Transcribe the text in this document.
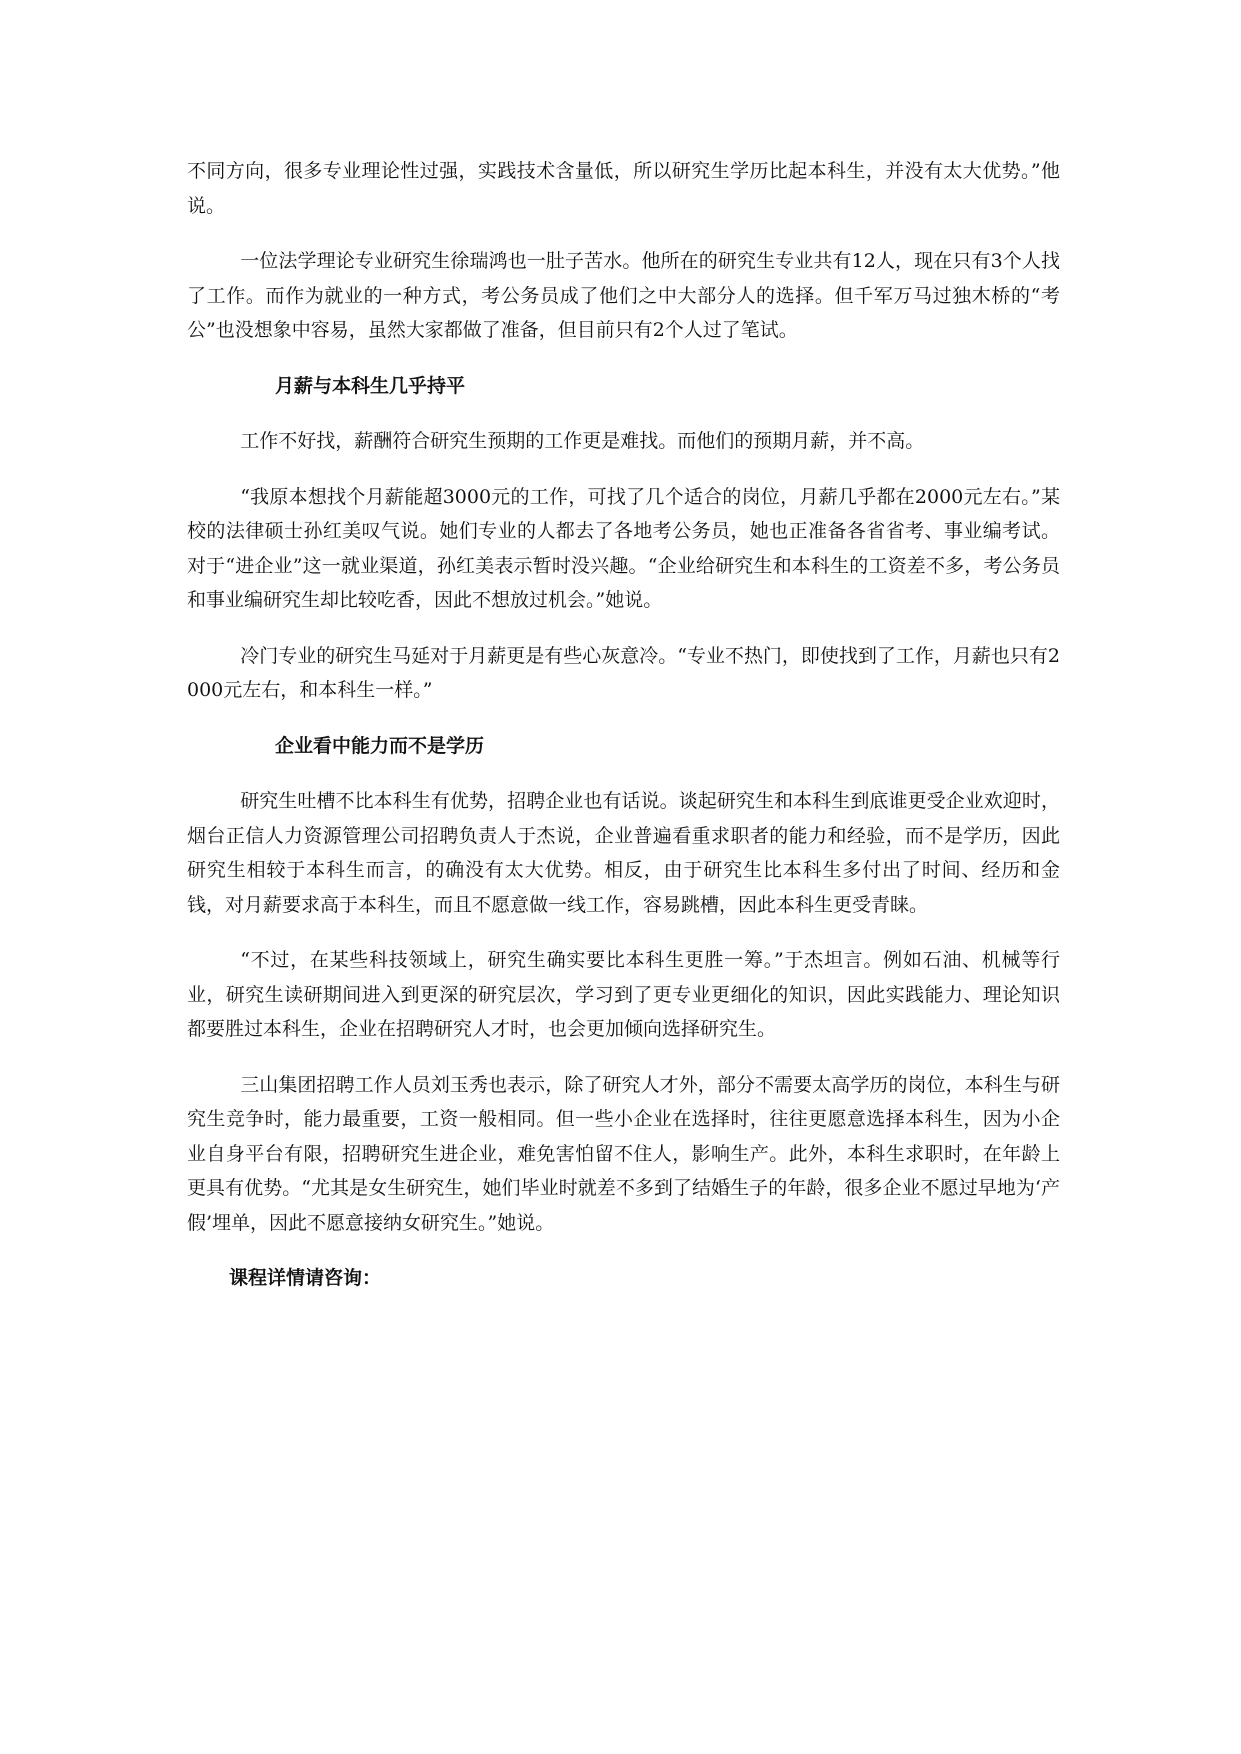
不同方向，很多专业理论性过强，实践技术含量低，所以研究生学历比起本科生，并没有太大优势。”他说。

一位法学理论专业研究生徐瑞鸿也一肚子苦水。他所在的研究生专业共有12人，现在只有3个人找了工作。而作为就业的一种方式，考公务员成了他们之中大部分人的选择。但千军万马过独木桥的“考公”也没想象中容易，虽然大家都做了准备，但目前只有2个人过了笔试。

月薪与本科生几乎持平

工作不好找，薪酬符合研究生预期的工作更是难找。而他们的预期月薪，并不高。

“我原本想找个月薪能超3000元的工作，可找了几个适合的岗位，月薪几乎都在2000元左右。”某校的法律硕士孙红美叹气说。她们专业的人都去了各地考公务员，她也正准备各省省考、事业编考试。对于“进企业”这一就业渠道，孙红美表示暂时没兴趣。“企业给研究生和本科生的工资差不多，考公务员和事业编研究生却比较吃香，因此不想放过机会。”她说。

冷门专业的研究生马延对于月薪更是有些心灰意冷。“专业不热门，即使找到了工作，月薪也只有2000元左右，和本科生一样。”

企业看中能力而不是学历

研究生吐槽不比本科生有优势，招聘企业也有话说。谈起研究生和本科生到底谁更受企业欢迎时，烟台正信人力资源管理公司招聘负责人于杰说，企业普遍看重求职者的能力和经验，而不是学历，因此研究生相较于本科生而言，的确没有太大优势。相反，由于研究生比本科生多付出了时间、经历和金钱，对月薪要求高于本科生，而且不愿意做一线工作，容易跳槽，因此本科生更受青睐。

“不过，在某些科技领域上，研究生确实要比本科生更胜一筹。”于杰坦言。例如石油、机械等行业，研究生读研期间进入到更深的研究层次，学习到了更专业更细化的知识，因此实践能力、理论知识都要胜过本科生，企业在招聘研究人才时，也会更加倾向选择研究生。

三山集团招聘工作人员刘玉秀也表示，除了研究人才外，部分不需要太高学历的岗位，本科生与研究生竞争时，能力最重要，工资一般相同。但一些小企业在选择时，往往更愿意选择本科生，因为小企业自身平台有限，招聘研究生进企业，难免害怕留不住人，影响生产。此外，本科生求职时，在年龄上更具有优势。“尤其是女生研究生，她们毕业时就差不多到了结婚生子的年龄，很多企业不愿过早地为‘产假’埋单，因此不愿意接纳女研究生。”她说。

课程详情请咨询：
